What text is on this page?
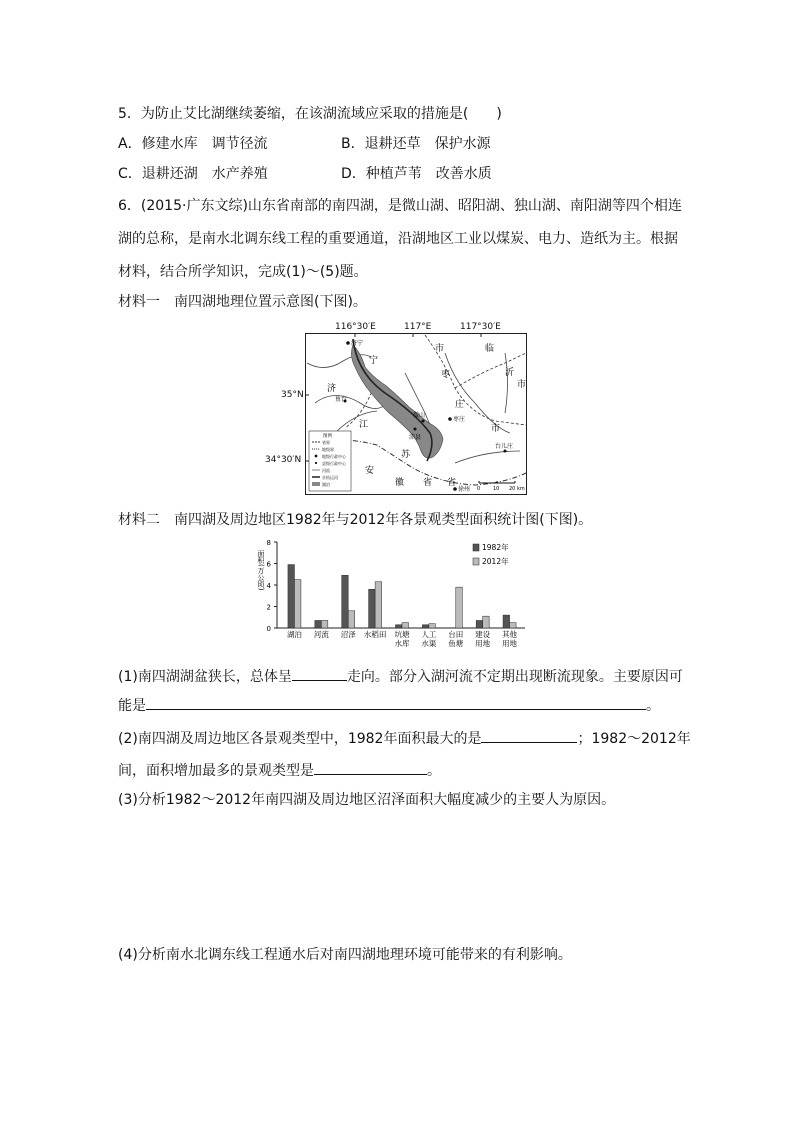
5．为防止艾比湖继续萎缩，在该湖流域应采取的措施是(　　)
A．修建水库　调节径流	B．退耕还草　保护水源
C．退耕还湖　水产养殖	D．种植芦苇　改善水质
6．(2015·广东文综)山东省南部的南四湖，是微山湖、昭阳湖、独山湖、南阳湖等四个相连
湖的总称，是南水北调东线工程的重要通道，沿湖地区工业以煤炭、电力、造纸为主。根据
材料，结合所学知识，完成(1)～(5)题。
材料一　南四湖地理位置示意图(下图)。
济宁
枣庄
微山
沛县
鱼台
台儿庄
徐州
宁
市	临
沂
市
枣
庄
市
济
江
苏
安
徽 省 省
图例
省界
地级界
地级行政中心
县级行政中心
河流
京杭运河
湖泊
0	10 20 km
116°30′E	117°E	117°30′E
35°N
34°30′N
材料二　南四湖及周边地区1982年与2012年各景观类型面积统计图(下图)。
0
2
4
6
8
面积(万公顷)
湖泊 河流 沼泽 水稻田 坑塘
水库
人工
水渠
台田
鱼塘
建设
用地
其他
用地
1982年
2012年
(1)南四湖湖盆狭长，总体呈	走向。部分入湖河流不定期出现断流现象。主要原因可
能是	。
(2)南四湖及周边地区各景观类型中，1982年面积最大的是	；1982～2012年
间，面积增加最多的景观类型是	。
(3)分析1982～2012年南四湖及周边地区沼泽面积大幅度减少的主要人为原因。
(4)分析南水北调东线工程通水后对南四湖地理环境可能带来的有利影响。
